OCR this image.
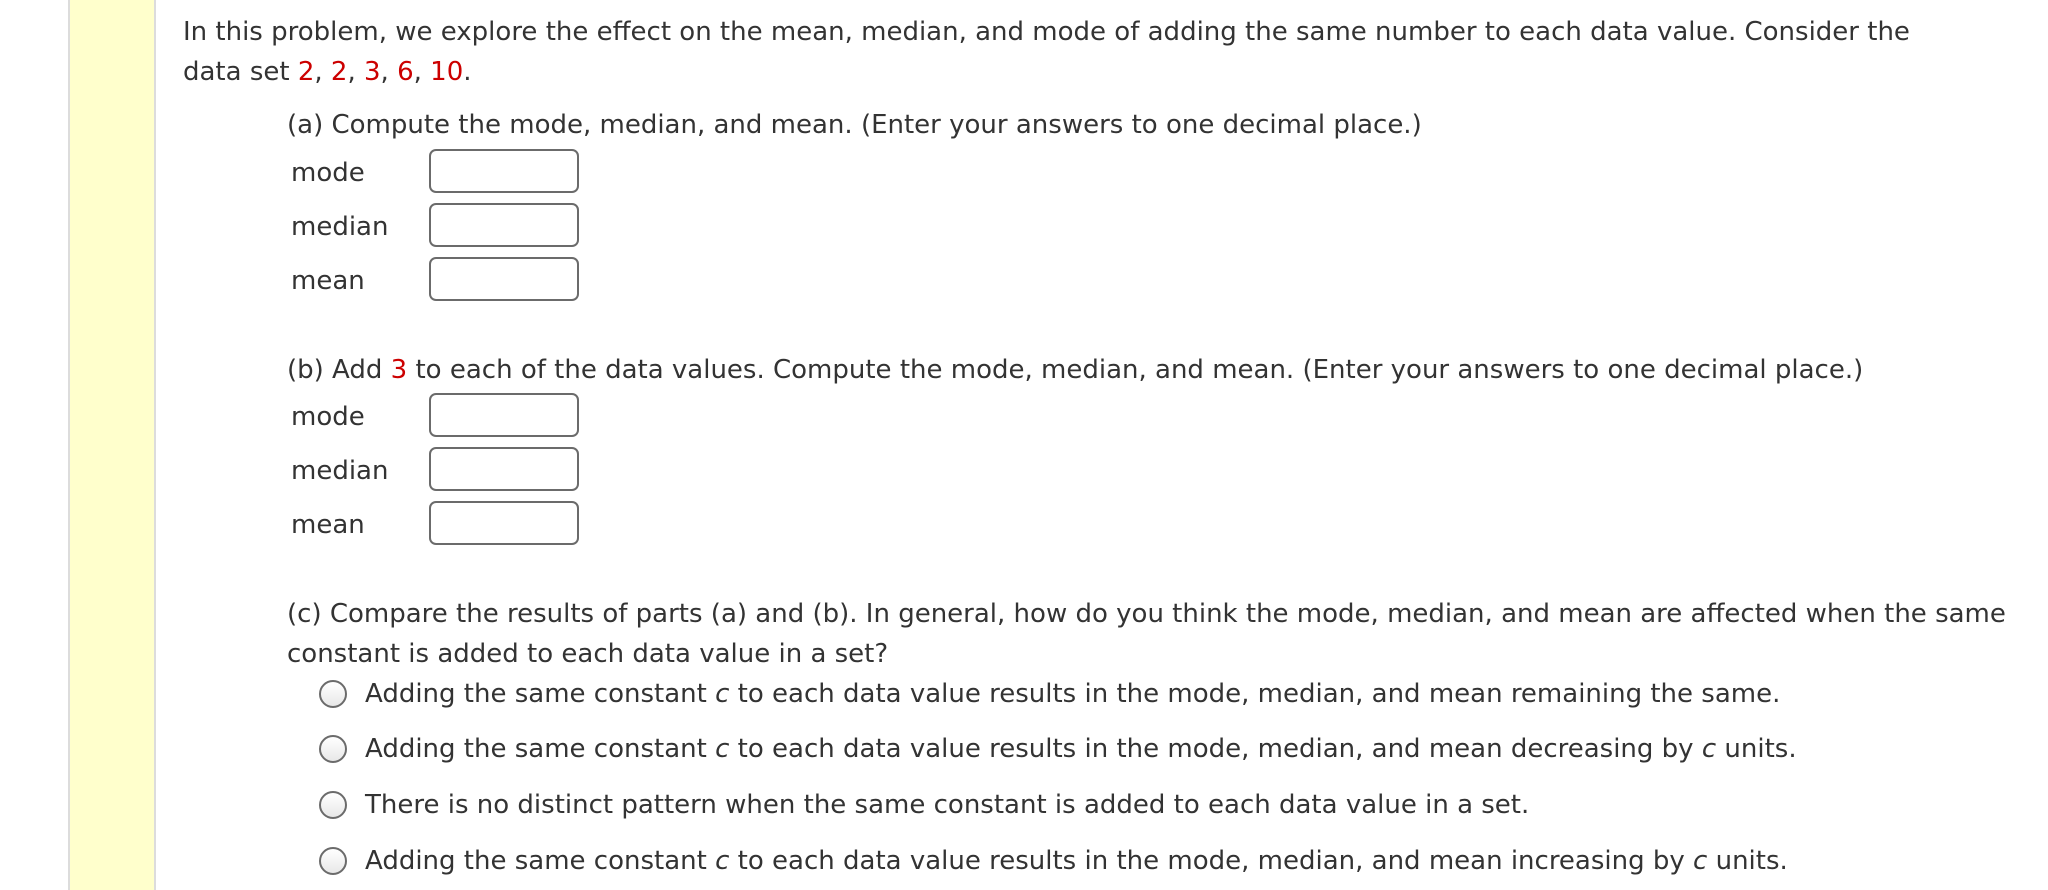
In this problem, we explore the effect on the mean, median, and mode of adding the same number to each data value. Consider the data set 2, 2, 3, 6, 10.
(a) Compute the mode, median, and mean. (Enter your answers to one decimal place.)
mode
median
mean
(b) Add 3 to each of the data values. Compute the mode, median, and mean. (Enter your answers to one decimal place.)
mode
median
mean
(c) Compare the results of parts (a) and (b). In general, how do you think the mode, median, and mean are affected when the same constant is added to each data value in a set?
Adding the same constant c to each data value results in the mode, median, and mean remaining the same.
Adding the same constant c to each data value results in the mode, median, and mean decreasing by c units.
There is no distinct pattern when the same constant is added to each data value in a set.
Adding the same constant c to each data value results in the mode, median, and mean increasing by c units.
